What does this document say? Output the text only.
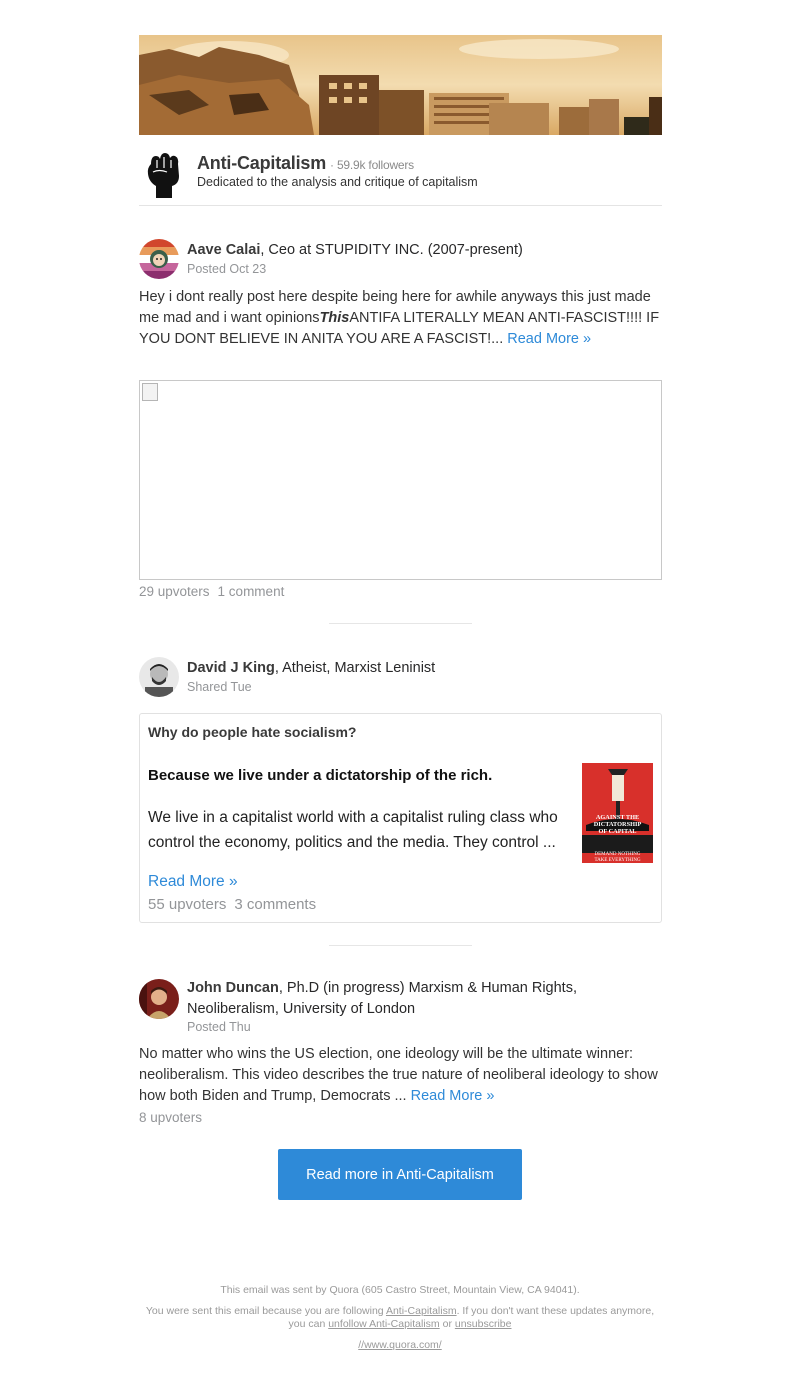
Anti-Capitalism · 59.9k followers
Dedicated to the analysis and critique of capitalism
Aave Calai, Ceo at STUPIDITY INC. (2007-present)
Posted Oct 23
Hey i dont really post here despite being here for awhile anyways this just made me mad and i want opinionsThisANTIFA LITERALLY MEAN ANTI-FASCIST!!!! IF YOU DONT BELIEVE IN ANITA YOU ARE A FASCIST!... Read More »
29 upvoters 1 comment
David J King, Atheist, Marxist Leninist
Shared Tue
Why do people hate socialism?
Because we live under a dictatorship of the rich.
We live in a capitalist world with a capitalist ruling class who control the economy, politics and the media. They control ...
AGAINST THE
DICTATORSHIP
OF CAPITAL
DEMAND NOTHING
TAKE EVERYTHING
Read More »
55 upvoters 3 comments
John Duncan, Ph.D (in progress) Marxism & Human Rights, Neoliberalism, University of London
Posted Thu
No matter who wins the US election, one ideology will be the ultimate winner: neoliberalism. This video describes the true nature of neoliberal ideology to show how both Biden and Trump, Democrats ... Read More »
8 upvoters
Read more in Anti-Capitalism

This email was sent by Quora (605 Castro Street, Mountain View, CA 94041).

You were sent this email because you are following Anti-Capitalism. If you don't want these updates anymore, you can unfollow Anti-Capitalism or unsubscribe

//www.quora.com/
